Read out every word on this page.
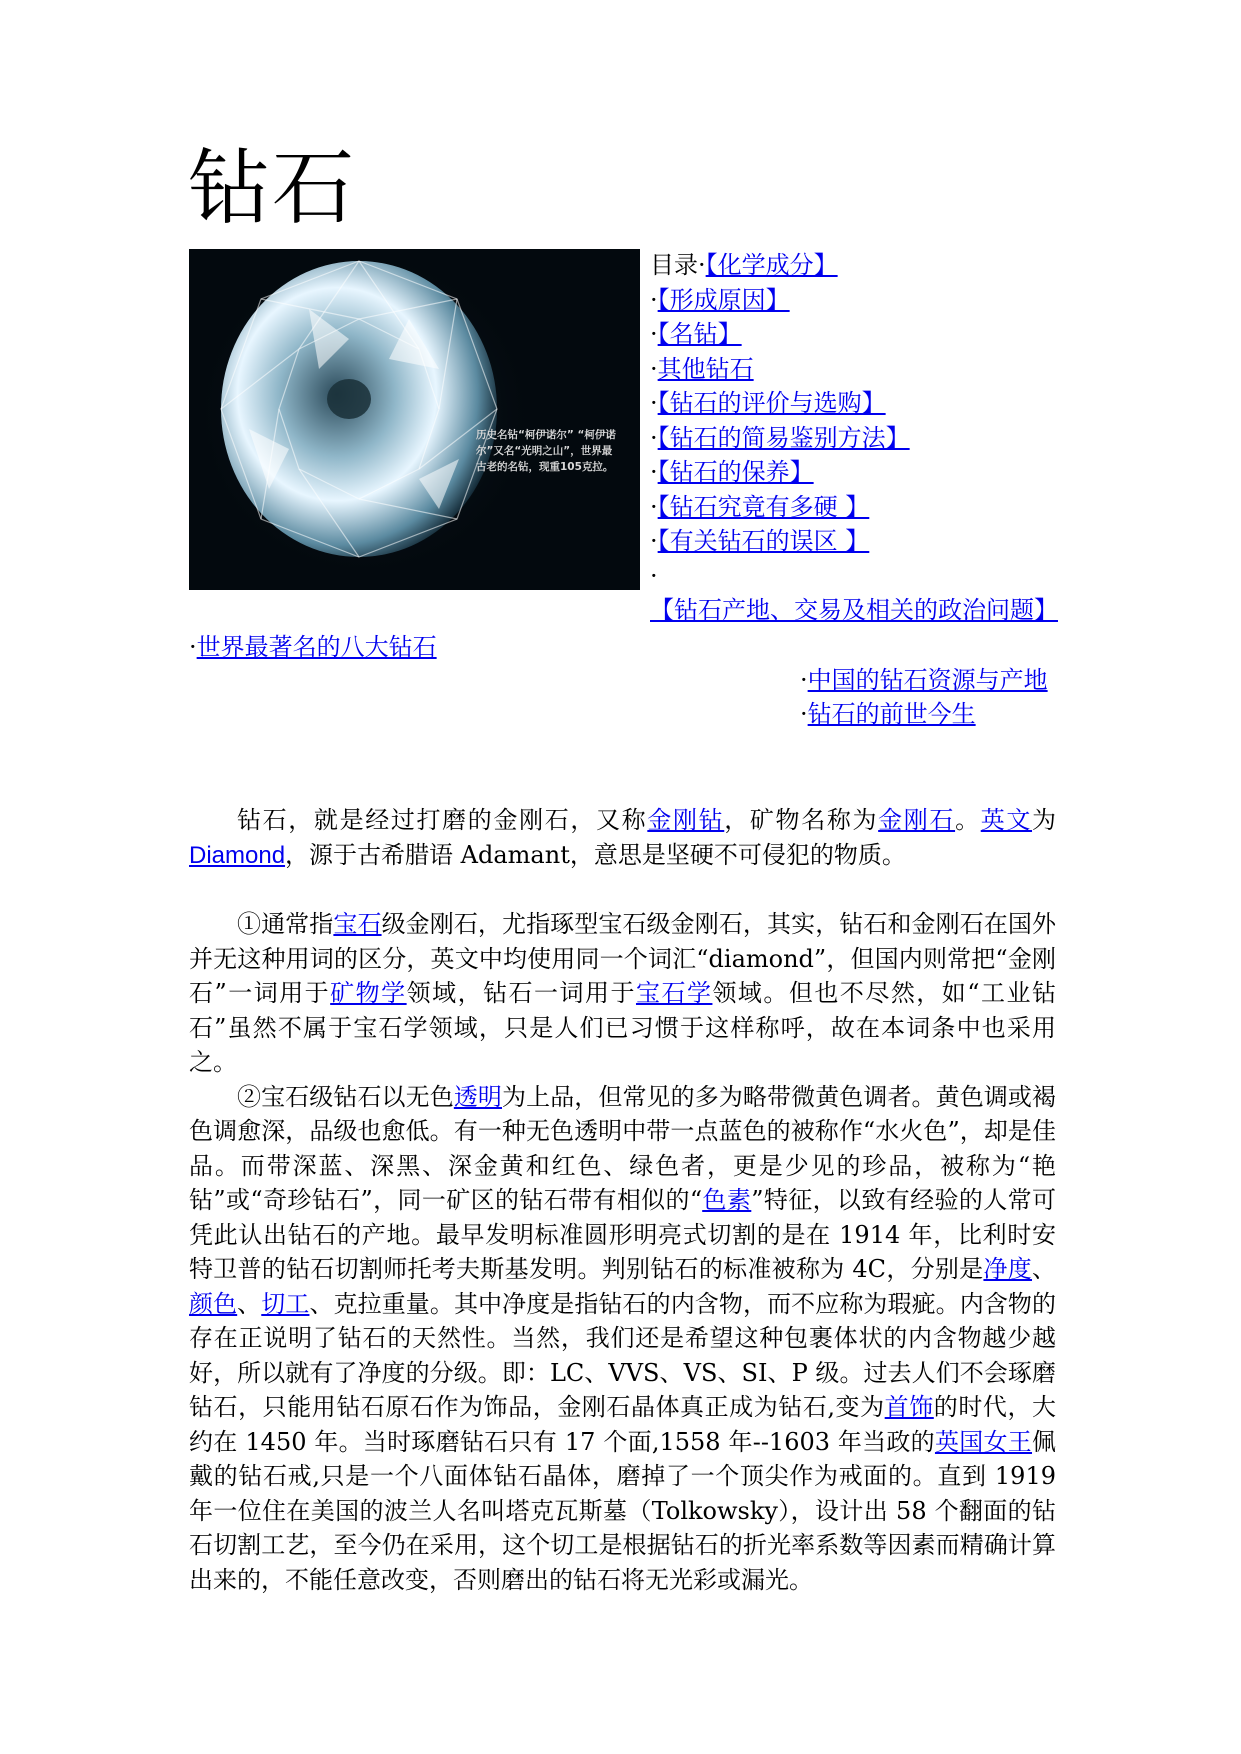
钻石
历史名钻“柯伊诺尔” “柯伊诺尔”又名“光明之山”，世界最古老的名钻，现重105克拉。
目录·【化学成分】
·【形成原因】
·【名钻】
·其他钻石
·【钻石的评价与选购】
·【钻石的简易鉴别方法】
·【钻石的保养】
·【钻石究竟有多硬 】
·【有关钻石的误区 】
·【钻石产地、交易及相关的政治问题】
·世界最著名的八大钻石
·中国的钻石资源与产地
·钻石的前世今生

钻石，就是经过打磨的金刚石，又称金刚钻，矿物名称为金刚石。英文为Diamond，源于古希腊语 Adamant，意思是坚硬不可侵犯的物质。

①通常指宝石级金刚石，尤指琢型宝石级金刚石，其实，钻石和金刚石在国外并无这种用词的区分，英文中均使用同一个词汇“diamond”，但国内则常把“金刚石”一词用于矿物学领域，钻石一词用于宝石学领域。但也不尽然，如“工业钻石”虽然不属于宝石学领域，只是人们已习惯于这样称呼，故在本词条中也采用之。

②宝石级钻石以无色透明为上品，但常见的多为略带微黄色调者。黄色调或褐色调愈深，品级也愈低。有一种无色透明中带一点蓝色的被称作“水火色”，却是佳品。而带深蓝、深黑、深金黄和红色、绿色者，更是少见的珍品，被称为“艳钻”或“奇珍钻石”，同一矿区的钻石带有相似的“色素”特征，以致有经验的人常可凭此认出钻石的产地。最早发明标准圆形明亮式切割的是在 1914 年，比利时安特卫普的钻石切割师托考夫斯基发明。判别钻石的标准被称为 4C，分别是净度、颜色、切工、克拉重量。其中净度是指钻石的内含物，而不应称为瑕疵。内含物的存在正说明了钻石的天然性。当然，我们还是希望这种包裹体状的内含物越少越好，所以就有了净度的分级。即：LC、VVS、VS、SI、P 级。过去人们不会琢磨钻石，只能用钻石原石作为饰品，金刚石晶体真正成为钻石,变为首饰的时代，大约在 1450 年。当时琢磨钻石只有 17 个面,1558 年--1603 年当政的英国女王佩戴的钻石戒,只是一个八面体钻石晶体，磨掉了一个顶尖作为戒面的。直到 1919 年一位住在美国的波兰人名叫塔克瓦斯墓（Tolkowsky），设计出 58 个翻面的钻石切割工艺，至今仍在采用，这个切工是根据钻石的折光率系数等因素而精确计算出来的，不能任意改变，否则磨出的钻石将无光彩或漏光。
